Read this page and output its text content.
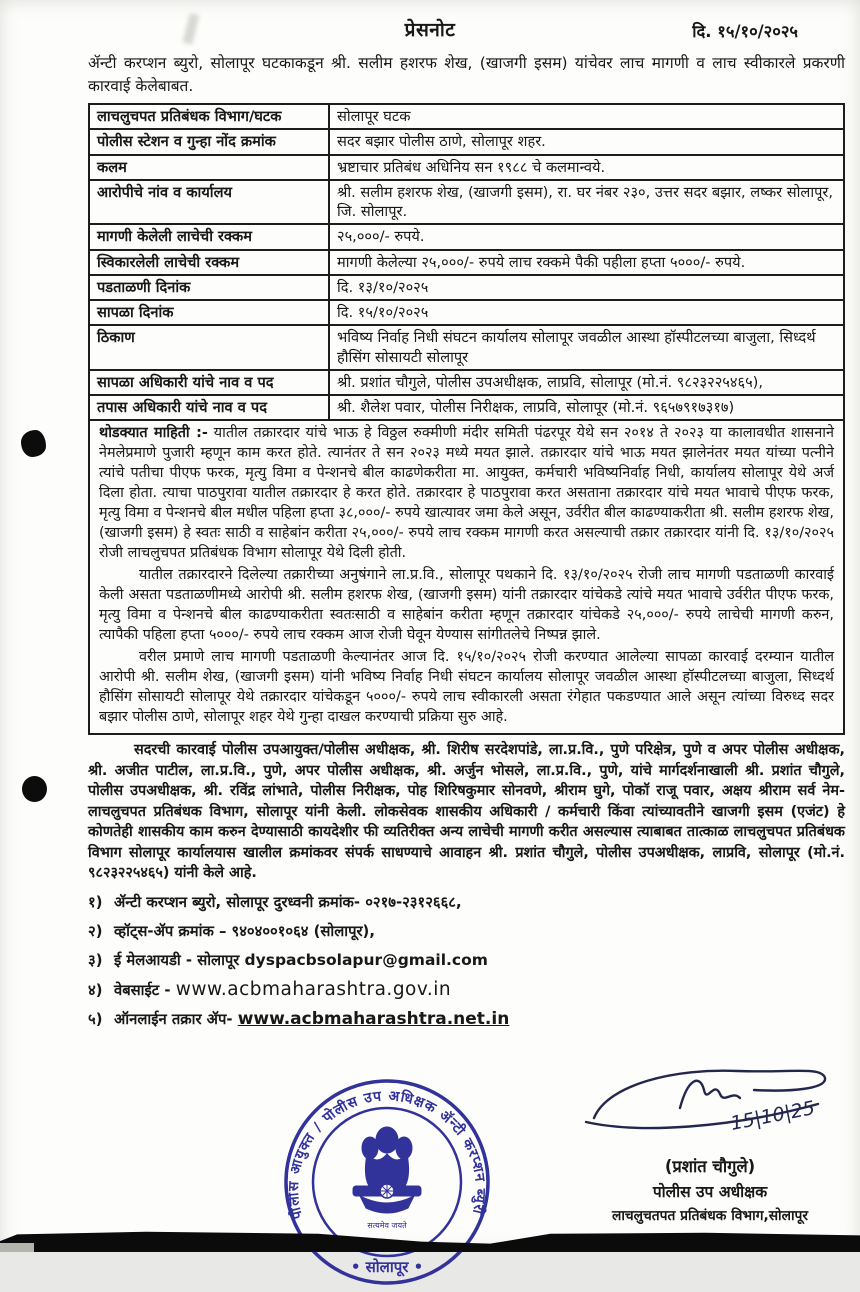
प्रेसनोट	दि. १५/१०/२०२५

ॲन्टी करप्शन ब्युरो, सोलापूर घटकाकडून श्री. सलीम हशरफ शेख, (खाजगी इसम) यांचेवर लाच मागणी व लाच स्वीकारले प्रकरणी कारवाई केलेबाबत.

लाचलुचपत प्रतिबंधक विभाग/घटक	सोलापूर घटक
पोलीस स्टेशन व गुन्हा नोंद क्रमांक	सदर बझार पोलीस ठाणे, सोलापूर शहर.
कलम	भ्रष्टाचार प्रतिबंध अधिनिय सन १९८८ चे कलमान्वये.
आरोपीचे नांव व कार्यालय	श्री. सलीम हशरफ शेख, (खाजगी इसम), रा. घर नंबर २३०, उत्तर सदर बझार, लष्कर सोलापूर, जि. सोलापूर.
मागणी केलेली लाचेची रक्कम	२५,०००/- रुपये.
स्विकारलेली लाचेची रक्कम	मागणी केलेल्या २५,०००/- रुपये लाच रक्कमे पैकी पहीला हप्ता ५०००/- रुपये.
पडताळणी दिनांक	दि. १३/१०/२०२५
सापळा दिनांक	दि. १५/१०/२०२५
ठिकाण	भविष्य निर्वाह निधी संघटन कार्यालय सोलापूर जवळील आस्था हॉस्पीटलच्या बाजुला, सिध्दर्थ हौसिंग सोसायटी सोलापूर
सापळा अधिकारी यांचे नाव व पद	श्री. प्रशांत चौगुले, पोलीस उपअधीक्षक, लाप्रवि, सोलापूर (मो.नं. ९८२३२२५४६५),
तपास अधिकारी यांचे नाव व पद	श्री. शैलेश पवार, पोलीस निरीक्षक, लाप्रवि, सोलापूर (मो.नं. ९६५७९१७३१७)

थोडक्यात माहिती :- यातील तक्रारदार यांचे भाऊ हे विठ्ठल रुक्मीणी मंदीर समिती पंढरपूर येथे सन २०१४ ते २०२३ या कालावधीत शासनाने नेमलेप्रमाणे पुजारी म्हणून काम करत होते. त्यानंतर ते सन २०२३ मध्ये मयत झाले. तक्रारदार यांचे भाऊ मयत झालेनंतर मयत यांच्या पत्नीने त्यांचे पतीचा पीएफ फरक, मृत्यु विमा व पेन्शनचे बील काढणेकरीता मा. आयुक्त, कर्मचारी भविष्यनिर्वाह निधी, कार्यालय सोलापूर येथे अर्ज दिला होता. त्याचा पाठपुरावा यातील तक्रारदार हे करत होते. तक्रारदार हे पाठपुरावा करत असताना तक्रारदार यांचे मयत भावाचे पीएफ फरक, मृत्यु विमा व पेन्शनचे बील मधील पहिला हप्ता ३८,०००/- रुपये खात्यावर जमा केले असून, उर्वरीत बील काढण्याकरीता श्री. सलीम हशरफ शेख, (खाजगी इसम) हे स्वतः साठी व साहेबांन करीता २५,०००/- रुपये लाच रक्कम मागणी करत असल्याची तक्रार तक्रारदार यांनी दि. १३/१०/२०२५ रोजी लाचलुचपत प्रतिबंधक विभाग सोलापूर येथे दिली होती.

यातील तक्रारदारने दिलेल्या तक्रारीच्या अनुषंगाने ला.प्र.वि., सोलापूर पथकाने दि. १३/१०/२०२५ रोजी लाच मागणी पडताळणी कारवाई केली असता पडताळणीमध्ये आरोपी श्री. सलीम हशरफ शेख, (खाजगी इसम) यांनी तक्रारदार यांचेकडे त्यांचे मयत भावाचे उर्वरीत पीएफ फरक, मृत्यु विमा व पेन्शनचे बील काढण्याकरीता स्वतःसाठी व साहेबांन करीता म्हणून तक्रारदार यांचेकडे २५,०००/- रुपये लाचेची मागणी करुन, त्यापैकी पहिला हप्ता ५०००/- रुपये लाच रक्कम आज रोजी घेवून येण्यास सांगीतलेचे निष्पन्न झाले.

वरील प्रमाणे लाच मागणी पडताळणी केल्यानंतर आज दि. १५/१०/२०२५ रोजी करण्यात आलेल्या सापळा कारवाई दरम्यान यातील आरोपी श्री. सलीम शेख, (खाजगी इसम) यांनी भविष्य निर्वाह निधी संघटन कार्यालय सोलापूर जवळील आस्था हॉस्पीटलच्या बाजुला, सिध्दर्थ हौसिंग सोसायटी सोलापूर येथे तक्रारदार यांचेकडून ५०००/- रुपये लाच स्वीकारली असता रंगेहात पकडण्यात आले असून त्यांच्या विरुध्द सदर बझार पोलीस ठाणे, सोलापूर शहर येथे गुन्हा दाखल करण्याची प्रक्रिया सुरु आहे.

सदरची कारवाई पोलीस उपआयुक्त/पोलीस अधीक्षक, श्री. शिरीष सरदेशपांडे, ला.प्र.वि., पुणे परिक्षेत्र, पुणे व अपर पोलीस अधीक्षक, श्री. अजीत पाटील, ला.प्र.वि., पुणे, अपर पोलीस अधीक्षक, श्री. अर्जुन भोसले, ला.प्र.वि., पुणे, यांचे मार्गदर्शनाखाली श्री. प्रशांत चौगुले, पोलीस उपअधीक्षक, श्री. रविंद्र लांभाते, पोलीस निरीक्षक, पोह शिरिषकुमार सोनवणे, श्रीराम घुगे, पोकॉ राजू पवार, अक्षय श्रीराम सर्व नेम- लाचलुचपत प्रतिबंधक विभाग, सोलापूर यांनी केली. लोकसेवक शासकीय अधिकारी / कर्मचारी किंवा त्यांच्यावतीने खाजगी इसम (एजंट) हे कोणतेही शासकीय काम करुन देण्यासाठी कायदेशीर फी व्यतिरीक्त अन्य लाचेची मागणी करीत असल्यास त्याबाबत तात्काळ लाचलुचपत प्रतिबंधक विभाग सोलापूर कार्यालयास खालील क्रमांकवर संपर्क साधण्याचे आवाहन श्री. प्रशांत चौगुले, पोलीस उपअधीक्षक, लाप्रवि, सोलापूर (मो.नं. ९८२३२२५४६५) यांनी केले आहे.

१) ॲन्टी करप्शन ब्युरो, सोलापूर दुरध्वनी क्रमांक- ०२१७-२३१२६६८,
२) व्हॉट्स-ॲप क्रमांक – ९४०४००१०६४ (सोलापूर),
३) ई मेलआयडी - सोलापूर dyspacbsolapur@gmail.com
४) वेबसाईट - www.acbmaharashtra.gov.in
५) ऑनलाईन तक्रार ॲप- www.acbmaharashtra.net.in
पोलीस आयुक्त / पोलीस उप अधिक्षक ॲन्टी करप्शन ब्युरो
• सोलापूर •
सत्यमेव जयते
15|10|25
(प्रशांत चौगुले)
पोलीस उप अधीक्षक
लाचलुचतपत प्रतिबंधक विभाग,सोलापूर
